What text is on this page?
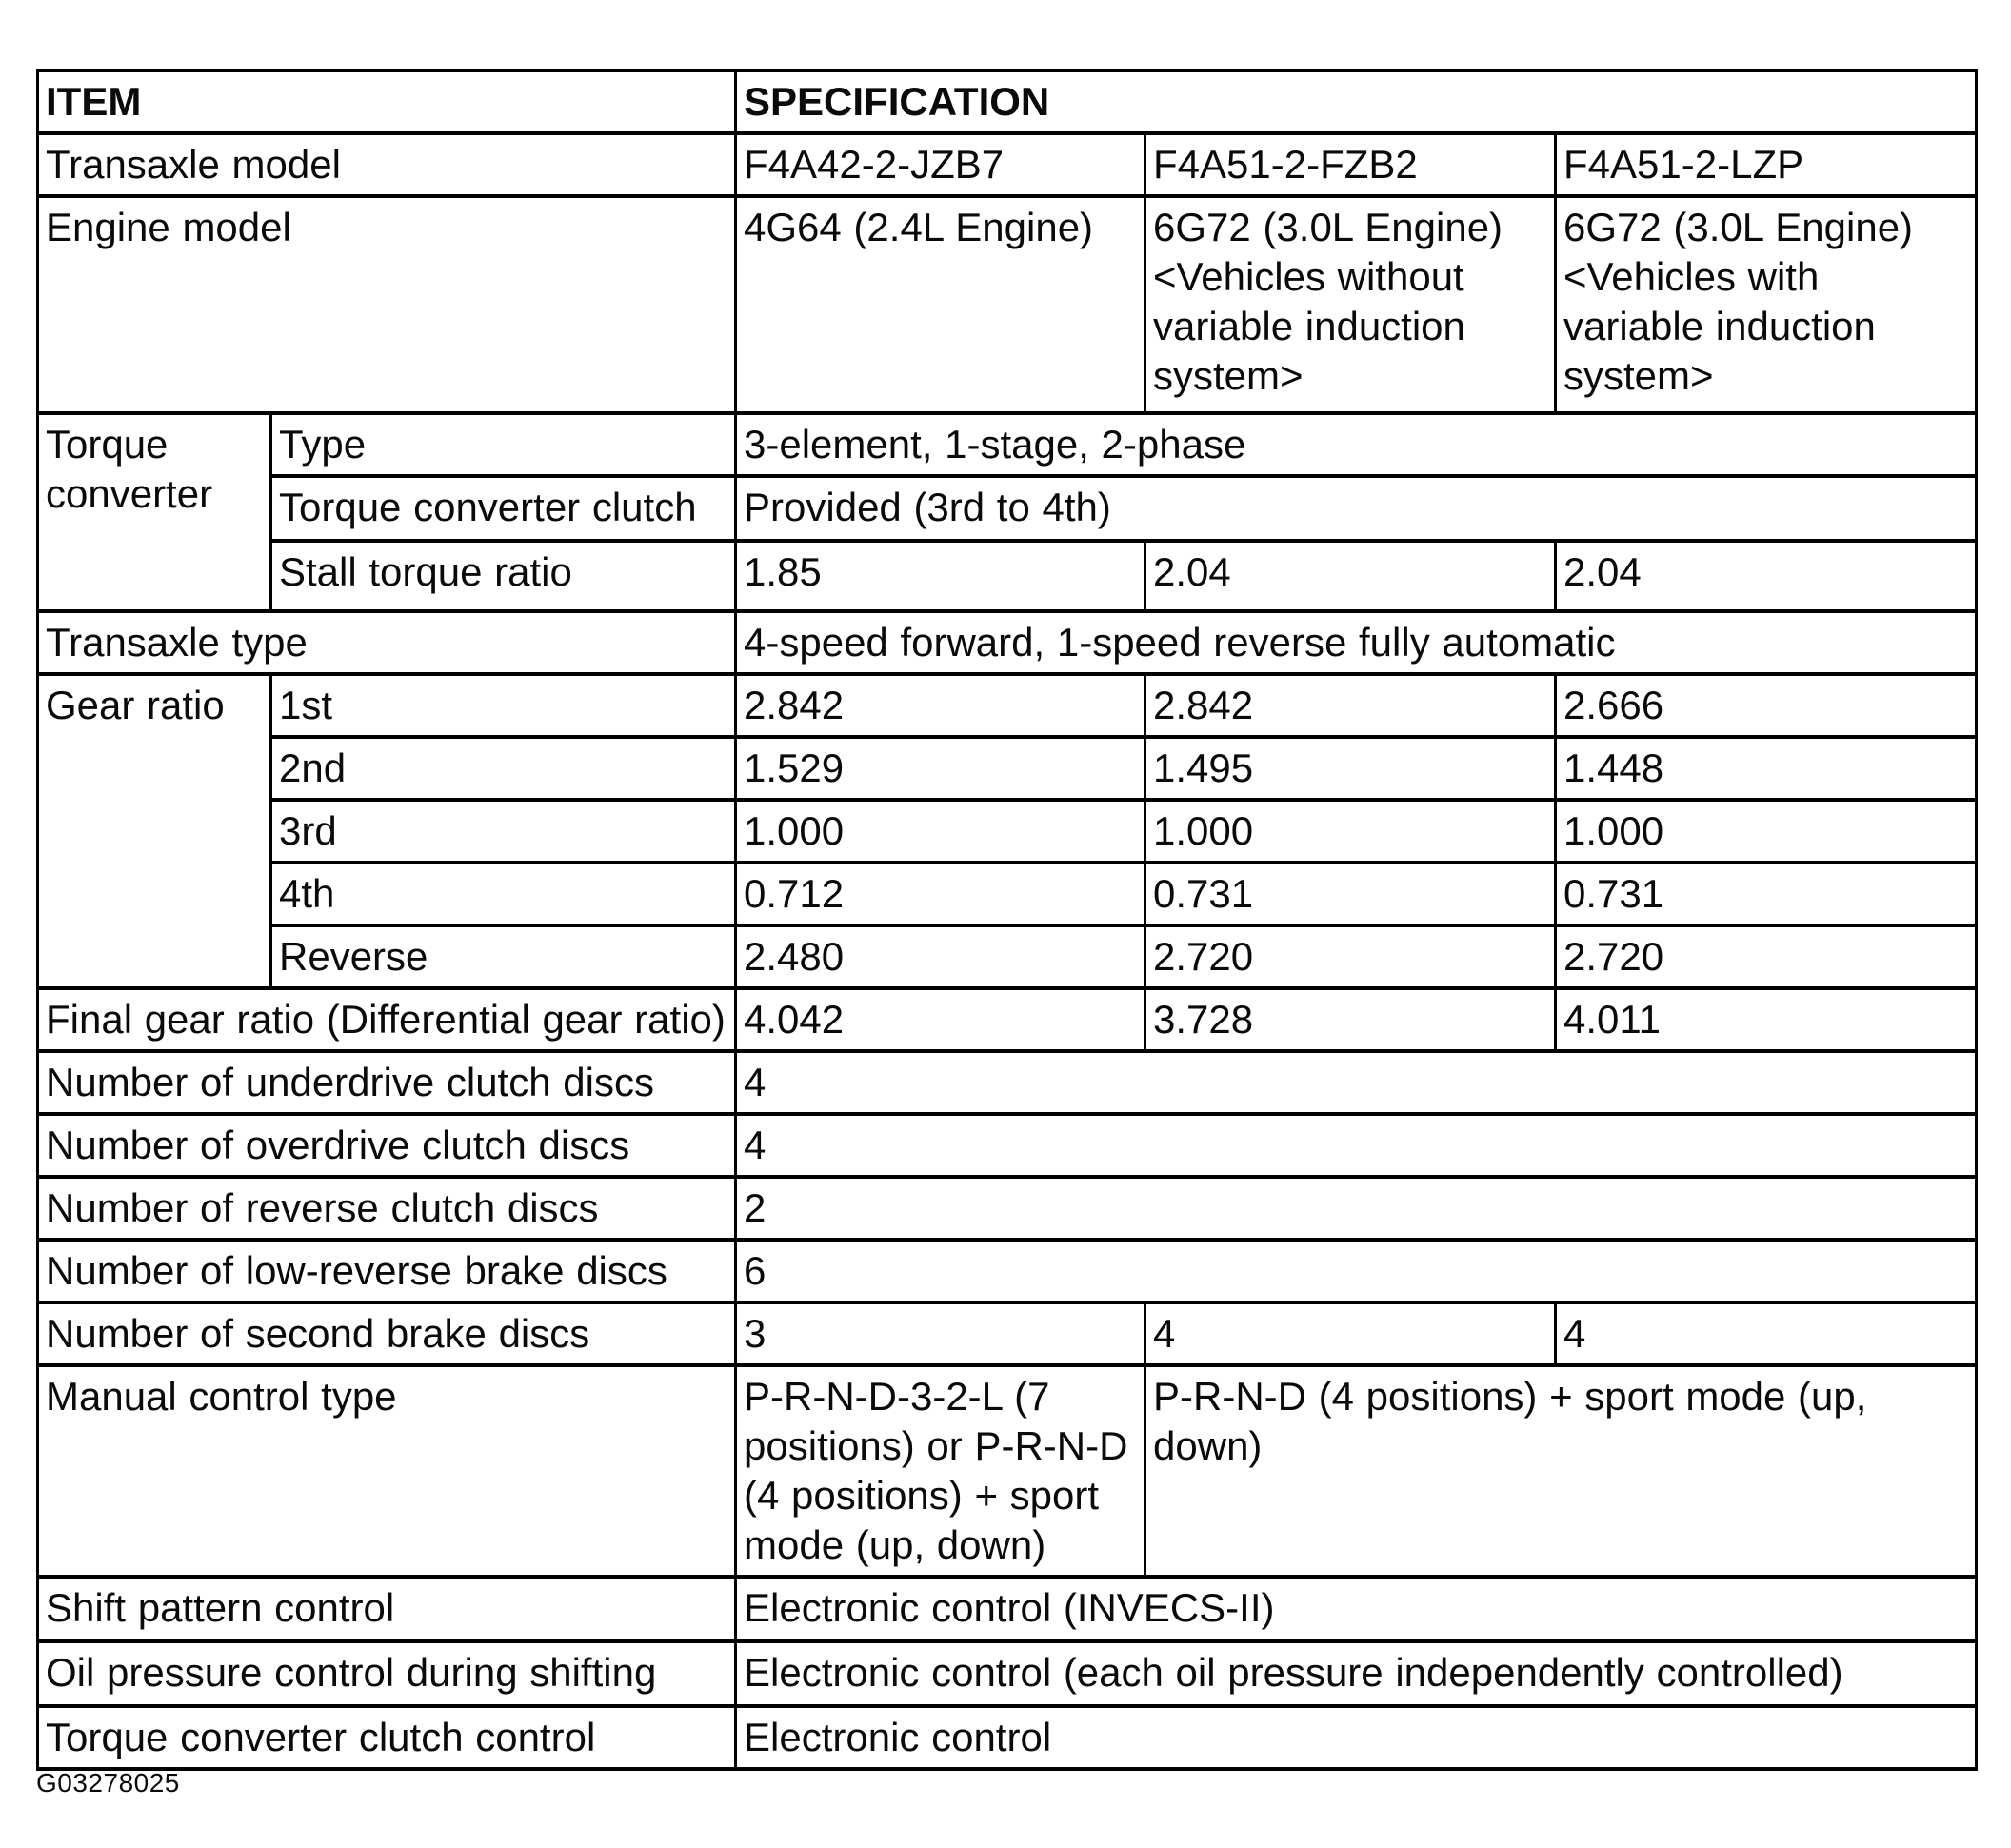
ITEM		SPECIFICATION		
Transaxle model		F4A42-2-JZB7	F4A51-2-FZB2	F4A51-2-LZP
Engine model		4G64 (2.4L Engine)	6G72 (3.0L Engine) <Vehicles without variable induction system>	6G72 (3.0L Engine) <Vehicles with variable induction system>
Torque converter	Type	3-element, 1-stage, 2-phase		
	Torque converter clutch	Provided (3rd to 4th)		
	Stall torque ratio	1.85	2.04	2.04
Transaxle type		4-speed forward, 1-speed reverse fully automatic		
Gear ratio	1st	2.842	2.842	2.666
	2nd	1.529	1.495	1.448
	3rd	1.000	1.000	1.000
	4th	0.712	0.731	0.731
	Reverse	2.480	2.720	2.720
Final gear ratio (Differential gear ratio)		4.042	3.728	4.011
Number of underdrive clutch discs		4		
Number of overdrive clutch discs		4		
Number of reverse clutch discs		2		
Number of low-reverse brake discs		6		
Number of second brake discs		3	4	4
Manual control type		P-R-N-D-3-2-L (7 positions) or P-R-N-D (4 positions) + sport mode (up, down)	P-R-N-D (4 positions) + sport mode (up, down)	

Shift pattern control		Electronic control (INVECS-II)		
Oil pressure control during shifting		Electronic control (each oil pressure independently controlled)		
Torque converter clutch control		Electronic control		
G03278025
